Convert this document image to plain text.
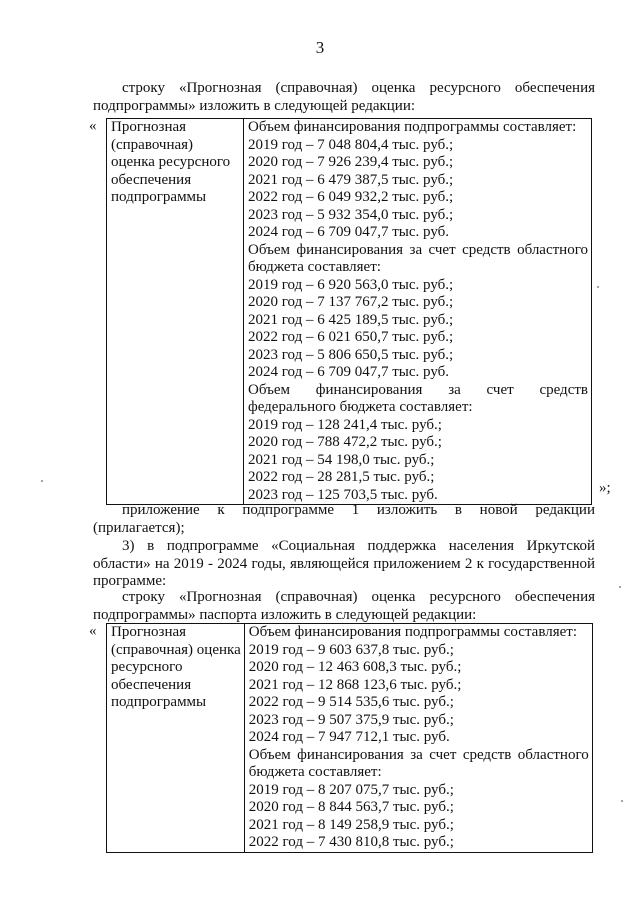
3
строку «Прогнозная (справочная) оценка ресурсного обеспечения
подпрограммы» изложить в следующей редакции:
« Прогнозная
(справочная)
оценка ресурсного
обеспечения
подпрограммы

Объем финансирования подпрограммы составляет:
2019 год – 7 048 804,4 тыс. руб.;
2020 год – 7 926 239,4 тыс. руб.;
2021 год – 6 479 387,5 тыс. руб.;
2022 год – 6 049 932,2 тыс. руб.;
2023 год – 5 932 354,0 тыс. руб.;
2024 год – 6 709 047,7 тыс. руб.
Объем финансирования за счет средств областного
бюджета составляет:
2019 год – 6 920 563,0 тыс. руб.;
2020 год – 7 137 767,2 тыс. руб.;
2021 год – 6 425 189,5 тыс. руб.;
2022 год – 6 021 650,7 тыс. руб.;
2023 год – 5 806 650,5 тыс. руб.;
2024 год – 6 709 047,7 тыс. руб.
Объем финансирования за счет средств
федерального бюджета составляет:
2019 год – 128 241,4 тыс. руб.;
2020 год – 788 472,2 тыс. руб.;
2021 год – 54 198,0 тыс. руб.;
2022 год – 28 281,5 тыс. руб.;
2023 год – 125 703,5 тыс. руб.	»;
приложение к подпрограмме 1 изложить в новой редакции
(прилагается);
3) в подпрограмме «Социальная поддержка населения Иркутской
области» на 2019 - 2024 годы, являющейся приложением 2 к государственной
программе:
строку «Прогнозная (справочная) оценка ресурсного обеспечения
подпрограммы» паспорта изложить в следующей редакции:
« Прогнозная
(справочная) оценка
ресурсного
обеспечения
подпрограммы

Объем финансирования подпрограммы составляет:
2019 год – 9 603 637,8 тыс. руб.;
2020 год – 12 463 608,3 тыс. руб.;
2021 год – 12 868 123,6 тыс. руб.;
2022 год – 9 514 535,6 тыс. руб.;
2023 год – 9 507 375,9 тыс. руб.;
2024 год – 7 947 712,1 тыс. руб.
Объем финансирования за счет средств областного
бюджета составляет:
2019 год – 8 207 075,7 тыс. руб.;
2020 год – 8 844 563,7 тыс. руб.;
2021 год – 8 149 258,9 тыс. руб.;
2022 год – 7 430 810,8 тыс. руб.;
